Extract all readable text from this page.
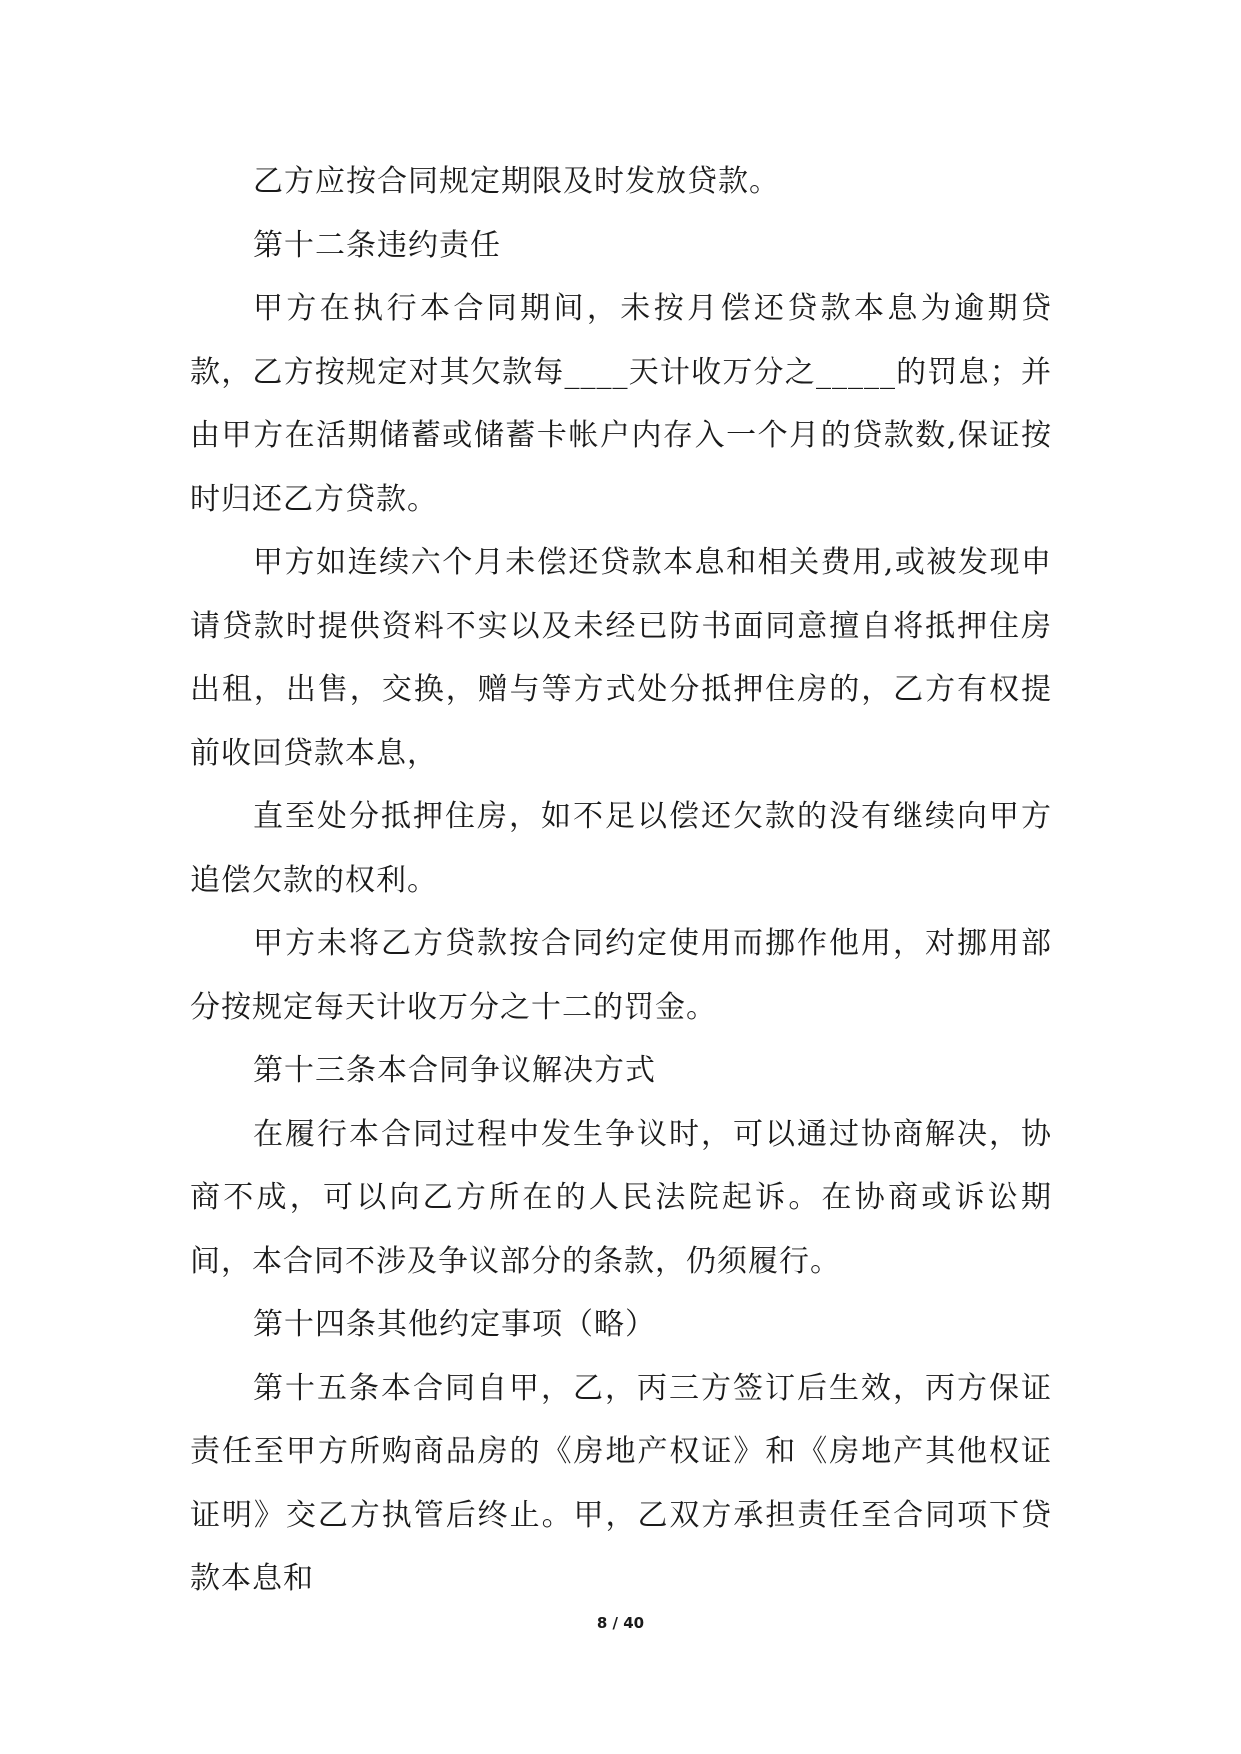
乙方应按合同规定期限及时发放贷款。

第十二条违约责任

甲方在执行本合同期间，未按月偿还贷款本息为逾期贷款，乙方按规定对其欠款每____天计收万分之_____的罚息；并由甲方在活期储蓄或储蓄卡帐户内存入一个月的贷款数,保证按时归还乙方贷款。

甲方如连续六个月未偿还贷款本息和相关费用,或被发现申请贷款时提供资料不实以及未经已防书面同意擅自将抵押住房出租，出售，交换，赠与等方式处分抵押住房的，乙方有权提前收回贷款本息，

直至处分抵押住房，如不足以偿还欠款的没有继续向甲方追偿欠款的权利。

甲方未将乙方贷款按合同约定使用而挪作他用，对挪用部分按规定每天计收万分之十二的罚金。

第十三条本合同争议解决方式

在履行本合同过程中发生争议时，可以通过协商解决，协商不成，可以向乙方所在的人民法院起诉。在协商或诉讼期间，本合同不涉及争议部分的条款，仍须履行。

第十四条其他约定事项（略）

第十五条本合同自甲，乙，丙三方签订后生效，丙方保证责任至甲方所购商品房的《房地产权证》和《房地产其他权证证明》交乙方执管后终止。甲，乙双方承担责任至合同项下贷款本息和

8 / 40
